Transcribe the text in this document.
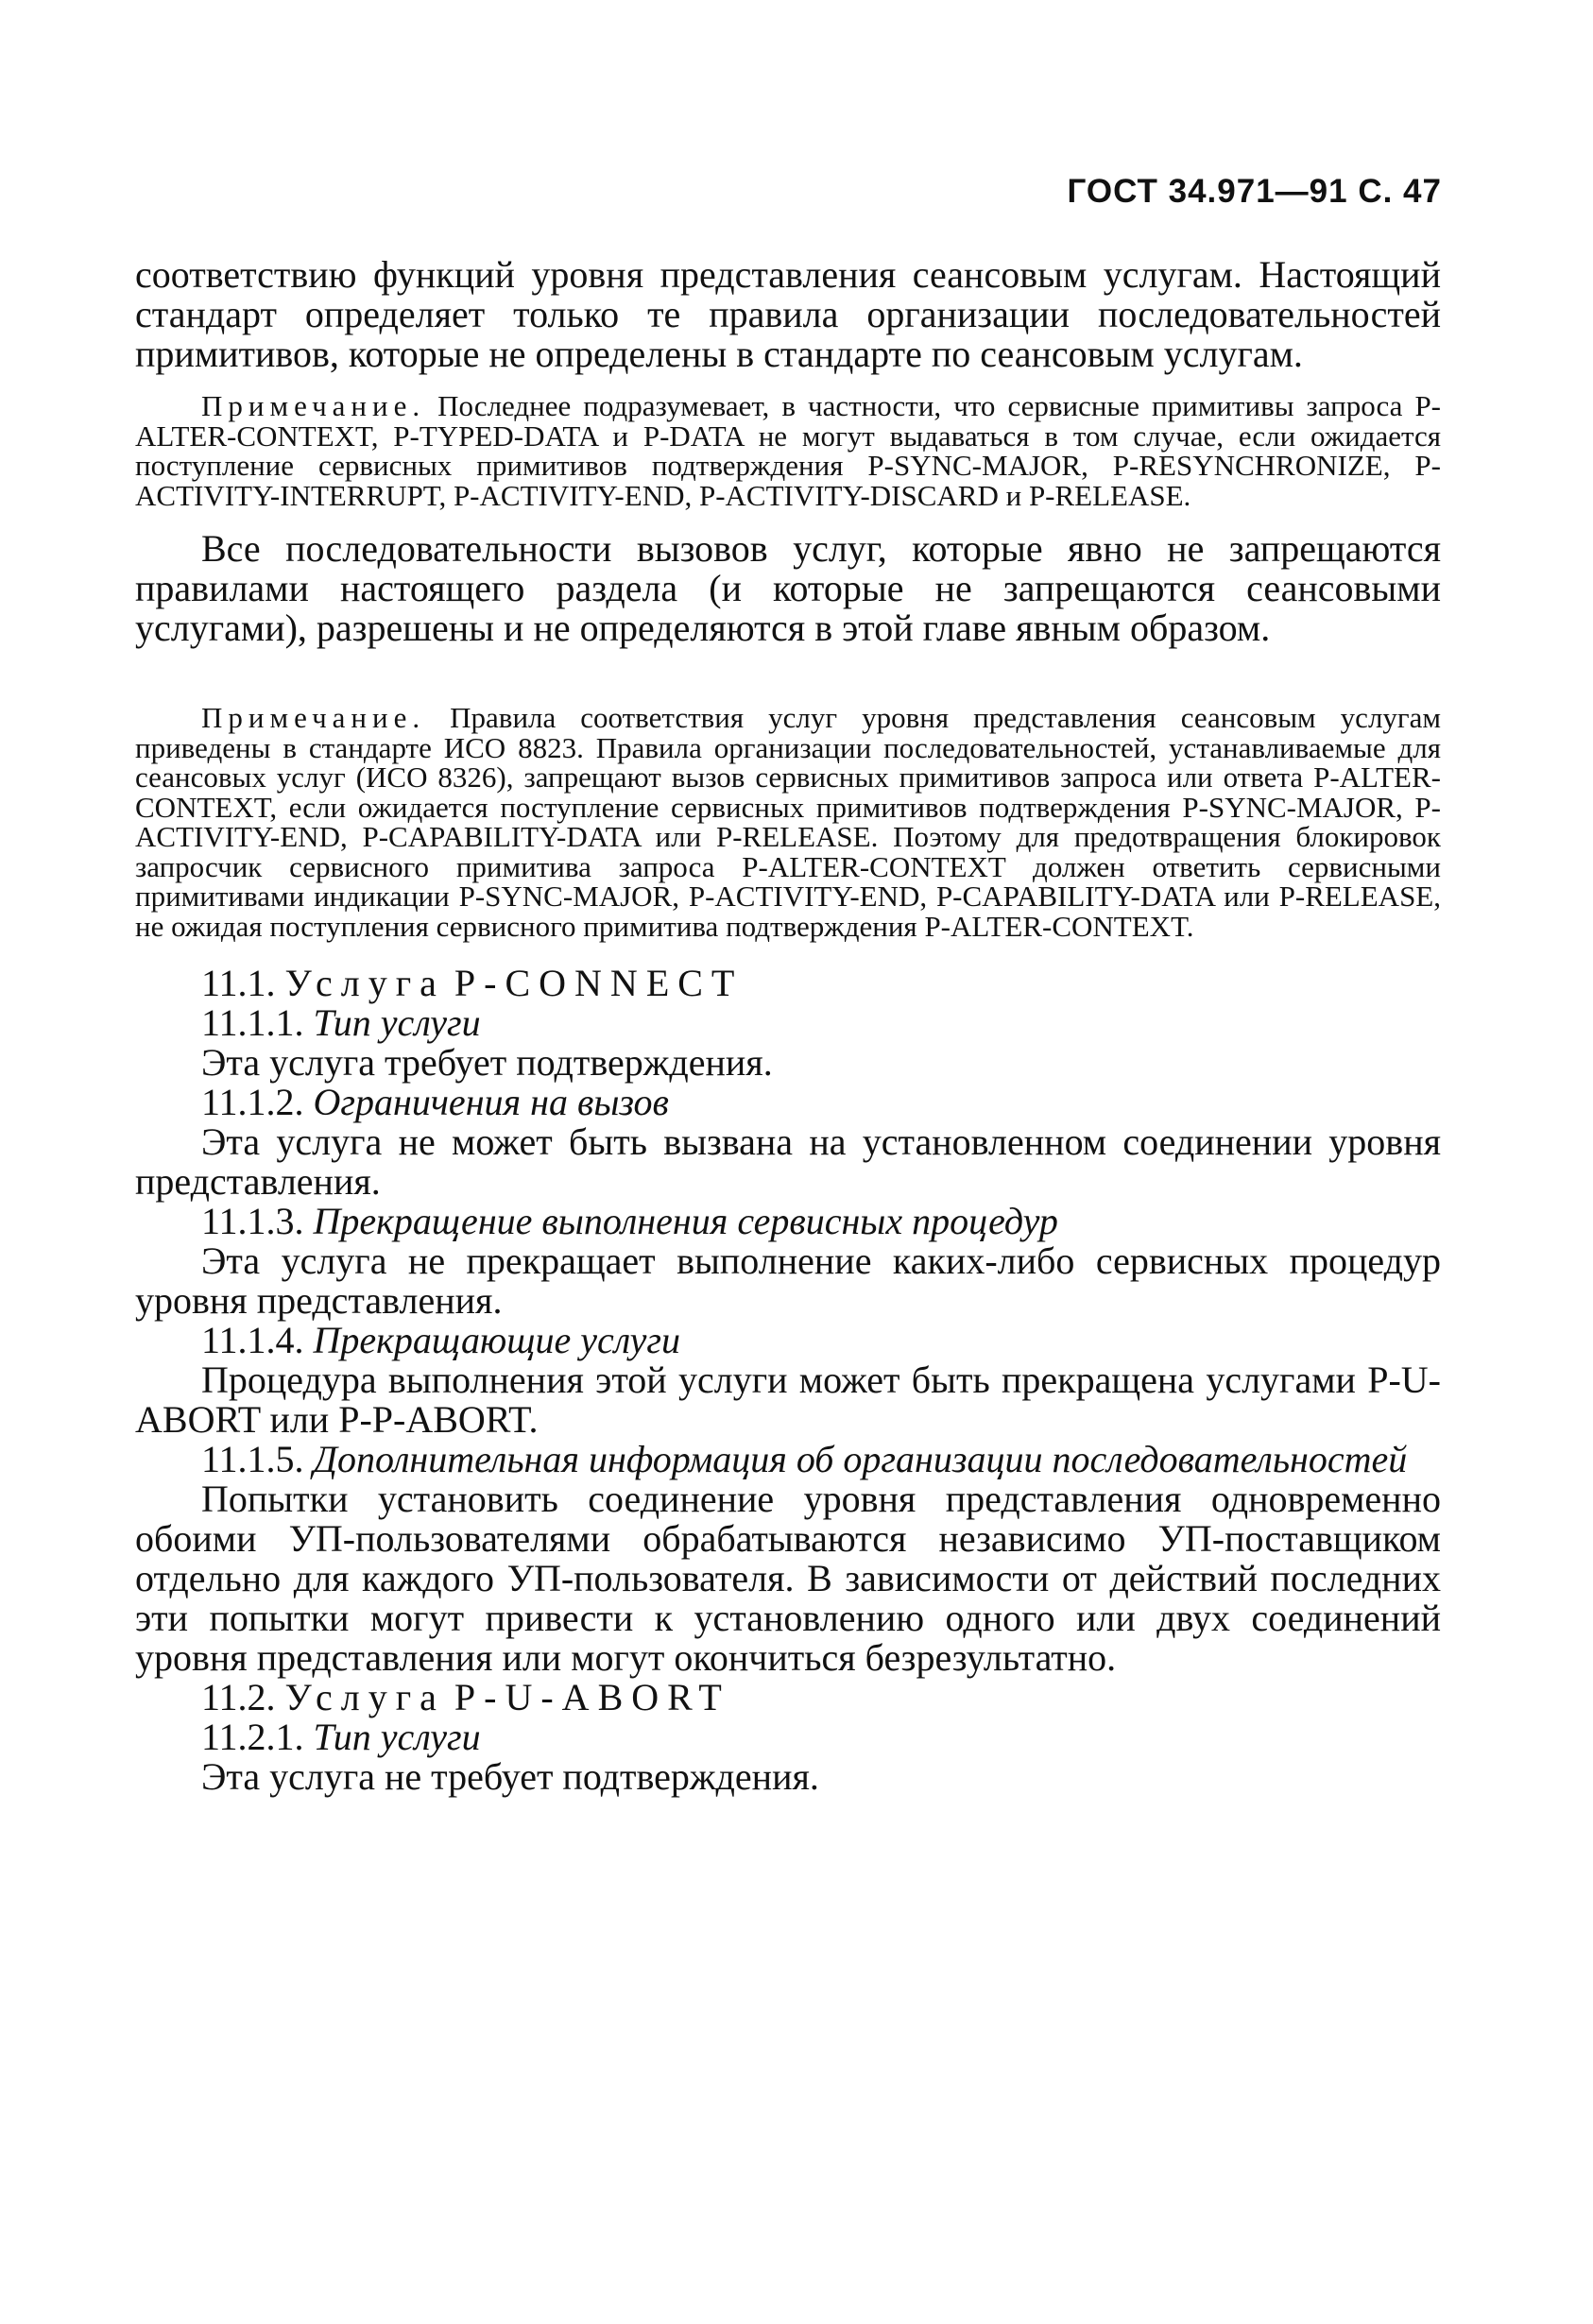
ГОСТ 34.971—91 С. 47

соответствию функций уровня представления сеансовым услугам. Настоящий стандарт определяет только те правила организации последовательностей примитивов, которые не определены в стандарте по сеансовым услугам.

Примечание. Последнее подразумевает, в частности, что сервисные примитивы запроса P-ALTER-CONTEXT, P-TYPED-DATA и P-DATA не могут выдаваться в том случае, если ожидается поступление сервисных примитивов подтверждения P-SYNC-MAJOR, P-RESYNCHRONIZE, P-ACTIVITY-INTERRUPT, P-ACTIVITY-END, P-ACTIVITY-DISCARD и P-RELEASE.

Все последовательности вызовов услуг, которые явно не запрещаются правилами настоящего раздела (и которые не запрещаются сеансовыми услугами), разрешены и не определяются в этой главе явным образом.

Примечание. Правила соответствия услуг уровня представления сеансовым услугам приведены в стандарте ИСО 8823. Правила организации последовательностей, устанавливаемые для сеансовых услуг (ИСО 8326), запрещают вызов сервисных примитивов запроса или ответа P-ALTER-CONTEXT, если ожидается поступление сервисных примитивов подтверждения P-SYNC-MAJOR, P-ACTIVITY-END, P-CAPABILITY-DATA или P-RELEASE. Поэтому для предотвращения блокировок запросчик сервисного примитива запроса P-ALTER-CONTEXT должен ответить сервисными примитивами индикации P-SYNC-MAJOR, P-ACTIVITY-END, P-CAPABILITY-DATA или P-RELEASE, не ожидая поступления сервисного примитива подтверждения P-ALTER-CONTEXT.

11.1. Услуга P-CONNECT

11.1.1. Тип услуги

Эта услуга требует подтверждения.

11.1.2. Ограничения на вызов

Эта услуга не может быть вызвана на установленном соединении уровня представления.

11.1.3. Прекращение выполнения сервисных процедур

Эта услуга не прекращает выполнение каких-либо сервисных процедур уровня представления.

11.1.4. Прекращающие услуги

Процедура выполнения этой услуги может быть прекращена услугами P-U-ABORT или P-P-ABORT.

11.1.5. Дополнительная информация об организации последовательностей

Попытки установить соединение уровня представления одновременно обоими УП-пользователями обрабатываются независимо УП-поставщиком отдельно для каждого УП-пользователя. В зависимости от действий последних эти попытки могут привести к установлению одного или двух соединений уровня представления или могут окончиться безрезультатно.

11.2. Услуга P-U-ABORT

11.2.1. Тип услуги

Эта услуга не требует подтверждения.
